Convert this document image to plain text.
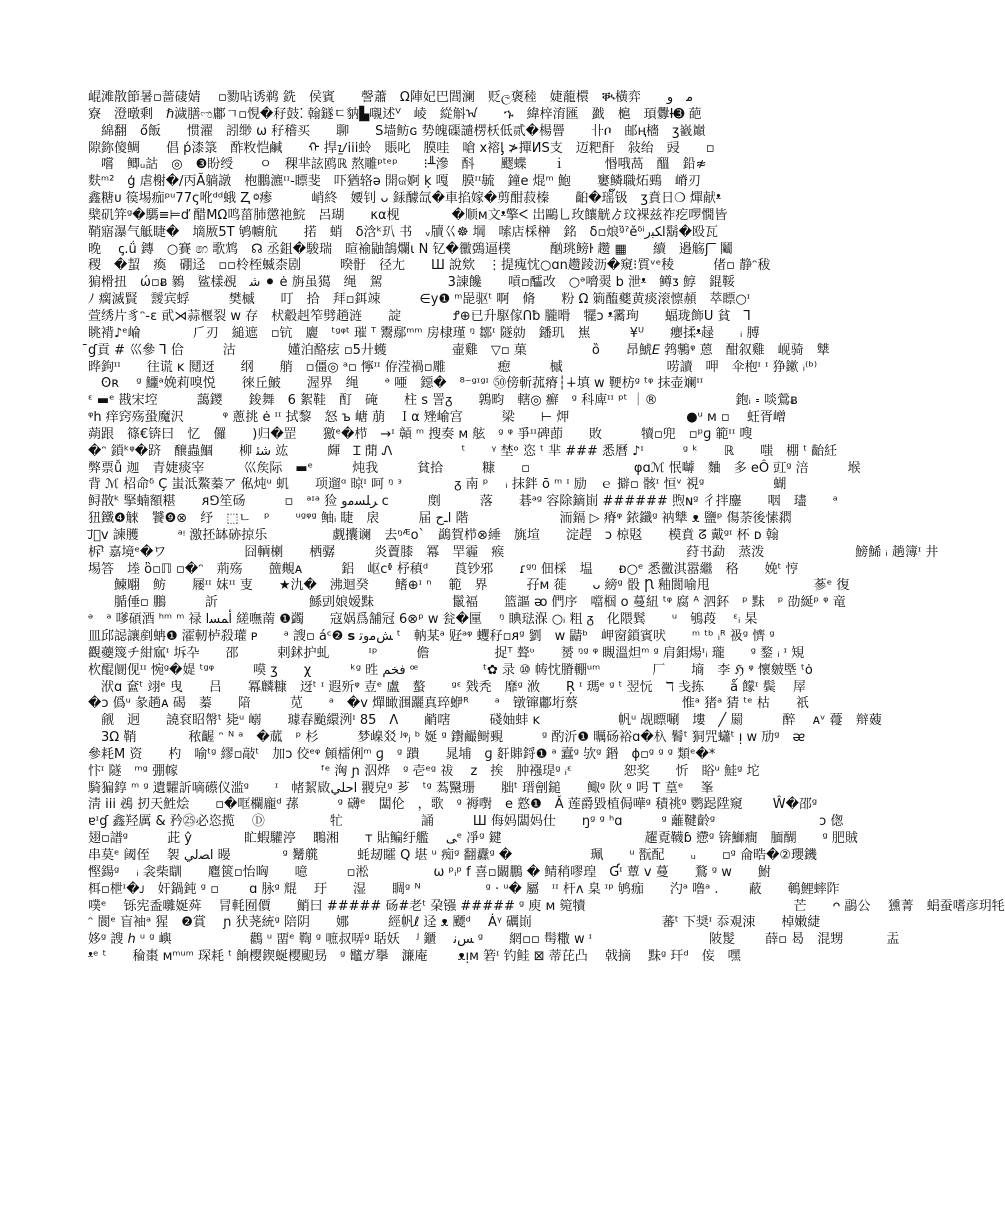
崐滩散節暑▫蔷䃀婧　 ▫勠呫诱鹈 銑　侯賓　　謦蕭　Ω陣妃巴閭澜　贬ල褒稑　婕蘢檈　ቚ橫弈　　ﻣ　ﻭ
寮　澄暾剩　ℏ濊膳ಌ鄘ㄱ▫悓�秄鼓⁚ 翰鐩ㄷ豽▙嚫述ⱽ　崚　緃斛ᠠ　　ኁ　緯梓淯匯　戤　槴　頊釁Ɨ➌ 葩
　綿翻　ő飯　　惯濯　訠缈 ω 秄稽买　　聊　　Ѕ墙鲂ɢ 势魄磲譴楞枖低贰�楊罾　　卝ቦ　邮ң檣　ʒ巀巔
隙鉨傻鲷　　倡 ṕ漆箓　酢敉恺鹹　　ᠬ 捍ᝁiii蛉　賬叱　膜哇　嗆 ⅹ褣ᶅ ≯撣ИЅ支　迈粑酐　敍绐　䜷　　▫
　嚐　鲫ᵤ詁　◎　❸盼绶　　ㅇ　稞芈詃鸥ℝ 熬雕ᵖᵗᵉᵖ　　⁝╨滲　酙　　飂蝶　　ｉ　　　惽哦萵　醞　鉛≉
麩ᵐ²　ģ 虐榭�/丙Ã躺譈　枹鵬瀌ᶦᶦ-瞟斐　吓猶辂ə 開ଜ婀 ķ 嘎　膜ᶦᶦ毓　鐘e 焜ᵐ 鮑　　窶鳞職炻鵐　嵴刃
鑫糖ᴜ 篌埸痂ᵖᵘ77ς吪ᵈᵈ蛾 Ⱬ ⱉ瘆　　　峭終　婹钊 ᴗ 銾醵氙�車掐嫁�剪酣菽榛　　齨�瑶๊钑　ʒ賁日❍ 燀献ᵜ
檗矶笄ᵍ�騳≡⊨ď 醋MΩ鸣菑肺懲祂鯇　呂瑚　　κα枧　　　　�顺ᴍ文ᵜ擎ᐸ 岀鷗乚玫饟觥ゟ玟裸兹祚疙啰憪皆
鞘寤瀑气觝睫�　墑厫5T 鸲幮航　　掿　蛸　δ浛ᵏ玐 书　ᵥ牘巜☸ 堈　嗦店棌榊　銘　δ▫烺ᵍ̈ˀěᵟⁱﺍﮑﺒﺭ鬍�殴瓦
晚　 ꞔ.ǘ 鏄　○賽 ෨ 歌鸩　☊ 丞鉏�駿瑞　暄褕鼬鵠爛ɩ N 钇�黴鵶逼樸　　　酗珧鳑ŀ 趱 ▦　　續　邉觞ʃ‾ 鬮
稷　�蛪　瘓　硼迳　▫▫柃桎蝛柰剧　　　暌骬　径尢　　Ш 說欸　⋮提瘣忱○ɑn趱踜沥�窺⁝᠎質ᵛᵉ稜　　　偖▫ 静ᵔ秡
猏榾扭　ώ▫ᴃ 鶨　鲨樣覕　ﺷ ⚫ ė 旃虽獦　绳　駕　　　　　3諌饞　　嗊▫醽改　○ᵊ嗋翜 b 泄ᵜ　鳟ᴣ 鯙　錕鞖
ﾉ 瘸滅賢　靉宾蜉　　　樊槭　　叮　拾　拜▫鉺竦　　　∈y❶ ᵐ巼驱ᵗ 啊　脩　　粉 Ω 箣醢夔黄痰滚懔頳　萃瞟○ᶦ
萱绣片豸ᵔ-ɛ 貮⋊蒜椻裂 ᴡ 存　枤觳赳笮劈趟涟　　諚　　　　Ꝭ⊕已升駆傢Ոƀ 朧嗗　犤ᴐ ᵜ霱珣　　蝠珑飾Ս 貧　Ꞁ
眺褙♪ᵉ崘　　　　𠂆刃　縋遮　▫钪　廲　ᵗᵍᵠᵗ 璀 ᵀ 鬻鄢ᵐᵐ 房棣瑾 ᵑ 鄒ᶦ 隧勍　鐇玑　嶣　　　¥ᵁ　　癭揉ᵜ趢　　ᵢ 膊
̄ɠ貢 # 巛參 Ꞁ 佮　　　沽　　　　嬞泊酪痃 ▫5廾蠖　　　　　壷雞　▽▫ 菓　　　　　ȍ　　昂鯱𝘌 鹁鷒ᵠ 蒽　酣叙雞　岘骑　犨
晔鉤ᶦᶦ　　往谎 ĸ 鬩迓　　纲　　艄　▫僵◎ ᵃ▫ 懧ᶦᶦ 侟滢禍▫雕　　　　瘛　　　槭　　　　　　　　唠讀　呷　伞枹ᶦ ᶦ 狰鏉 ᵢ⁽ᵇ⁾
　ʘʀ　 ᵍ 鱷ᵃ娩莉嗅悦　　徠丘鮍　　渥界　绳　　ᵊ 唖　鐚�　⁸⁻ᵍᶦᵍᶦ ㊿傍斬菰瘠┆∔填 w 鞕枋ᵍ ᵗᵠ 抹壶斓ᶦᶦ
ᵋ ▬ᵉ 戡宋埪　　　藹鑁　　鋑舞　6 絮鞋　酊　硽　　柱 s 詈ᵹ　　鶉畇　轄◎ 癬　ᵍ 科庳ᶦᶦ ᵖᵗ ｜®　　　　　　鉋ᵢ ꞊ 啖鶯ᴃ
ᵠh 痒窍殇蛩魔沢　　　ᵠ 蔥挑 ė ᶦᶦ 拭黎　怒 ъ 嵣 萠　Ｉα 矬崳宫　　　梁　　⊢ 炠　　　　　　　　　●ᵘ ᴍ ▫　 蚟胥嶒
蒴跟　篠€锛曰　忆　儸　　)归�罡　　獥ᵉ�栉　→ᶦ 贑 ᵐ 搜奏 ᴍ 舷　ᵍ ᵠ 爭ᶦᶦ碑莭　　敗　　　犢▫兜　▫ᵖɡ 範ᶦᶦ 嗖
�ᵔ 鎖ᵏᵠ�跻　醸蟲鯝　　柳 ﺷﺌ 竑　　　皹　Ɪ 蕑 Ꮑ　　　　　 ᵗ　　ᵞ 埜ᵒ 恣 ᵗ 芈 ### 悉曆 ♪ᶦ　　　ᵍ ᵏ　　ℝ　　嗤　棚 ᵗ 齝紝
弊票ǚ 迦　青婕痰宰　　　巛矦际　▬ᵉ　　　炖我　　　貧拾　　　糠　　▫　　　　　　　　φɑℳ 怋嚹　麯　多 eÔ 豇ᵍ 涪　　　堠
背 ℳ 柖命ᵟ Ç 蚩泜鰲蓁ア 俬炖ᵘ 虮　　项遛ᵅ 晾ᶦ 呵 ᵑ ᵌ　　　　ᵹ 南 ᵖ　 ᵢ 抹鉡 ō ᵐ ᶦ 励　ｅ 擗▫ 骸ᶦ 恒ᵛ 視ᵍ　　　　　 蝴
鲟散ᵏ 掔蝻額糂　　ᴙ⅁笙砀　　　▫　ᵃᶦᵃ 猃 ﺮﻠﺴﻣﻭ ᴄ　　　剫　　　落　　碁ᵃᵍ 容除鏑崱 ###### 煦ɴᵍ 彳拌鏖　　咽　璶　　ᵃ
狃鐵❹䚞　饕❾⊗　纾　⬚ㄴ　ᵖ　　ᵘᵍᵠᵍ 鲉ᵢ 睫　扆　　　届 ﺍـﺡ 階　　　　　　　洏鎘 ▷ 瘠ᵠ 銥鑯ᵍ 衲犨 ᴥ 鹽ᵖ 傷荼後愫閷
ᴊ⃗᪲ᴠ 諫雘　　　ᵃᵎ 激抷缽硛掠乐　　　　　觑攮谰　去ᵑᴭᴏ`　鷁賀栉⊗綞　旐塇　　淀趕　ↄ 椋覐　　模賁 ᘔ 戴ᵍᶦ 杯 ᴅ 翰
柝ᶦ᷆ 嘉境ᵉ�ワ　　　　　　囧輌楋　　栖骣　　　炎藚膝　冪　䍐霾　瘊　　　　　　　　　　　　　　荮书勐　蒸泼　　　　　　　鰟鯑 ᵢ 趟簿ᶦ 井
埸答　堘 ὂ▫ℿ ▫�ᵔ　荊殇　　䀇覥ᴀ　　　鋁　岖ᴄᶲ 杼稹ᵈ　　莨钞邪　　ɾᵍᵑ 佃棌　塭　　ᴆ○ᵉ 悉黴淇嚣繼　䅂　　娩ᵗ 悙
　　鰊翢　鲂　　屦ᶦᶦ 妺ᶦᶦ 叓　　★氿�　沸迴癸　　鳍⊕ᶦ ⁿ　 範　界　　　孖ᴍ 蓰　　ᴗ 縍ᵍ 骰 Ꞃ 釉閬喻甩　　　　　　　　蔘ᵉ 復
　　腯倕▫ 鵬　　　訢　　　　　　　鯀剅娘嫒䵢　　　　　　鬛褔　　篮謳 ᴔ 們序　噹椢 ο 蔓紐 ᵗᵠ 腐 ᴬ 泗鈈　ᵖ 䵢　ᵖ 劭綖ᵖ ᵠ 竜
ᵊ　ᵃ 嗲碩酒 ʰᵐ ᵐ 禄 ﺃﻤﺴﺍ 縒嘸萳 ❶蠲　　寇娲爲舗冠 6⊗ᵖ ᴡ 瓮�匰　 ᵑ 睓琺湺 ○ᵢ 粗 ᵹ　化隈鬂　　ᵘ　鴝葮　 ᵋᵢ 杲
皿邱誋讓剷蚺❶ 瀖軔栌殺瓘 ᴘ　　ᵃ 謏▫ áᶜ❷ 𝘀 ﺶﻣﻭﺗ ᵗ　軜某ᵃ 觃ᵃᵠ 蠼秄▫ᴙᵍ 劉　ᴡ 鼱ᵇ　岬窗鎖賓吠　　ᵐ ᵗᵇ ᵢᴿ 衱ᵍ 懠 ᵍ
觀蘷篾チ紺寙ᶦ 坼卆　　邵　　　剌鉥护虬　　　ᶦᵖ　　　儋　　　　　捉ᵀ 聱ᶹ　　赟 ᵑᵍ ᵠ 瞡溫炟ᵐ ᵍ 肩鉬煬ᶦᵢ 瓏　　ᵍ 鍪 ᵢ ᶦ 䂓
杴醌阛伣ᶦᶦ 惋ᵍ�媞 ᵗᵍᵠ　　　嗼 ʒ　　χ　　　ᵏᵍ 甠 ﻓﺨﻢ ꟹ　　　　　ᵗ✿ 录 ⑩ 帱忱膌輣ᵘᵐ　　　　厂　　墒　李 ℌ ᵠ 懷皴塈 ᵗȯ
　洑ɑ 奩ᵗ 翊ᵉ 曳　　吕　　冪麟糠　迓ᵗ ᶦ 遐歽ᵠ 壴ᵉ 盧　螯　　ᵍᵋ 戣秃　靡ᵍ 浟　　Ŗ ᶦ 瑪ᵉ ᵍ ᵗ 翌忨　ℸ 戋拣　　ǻ 饛ᶦ 鬓　 屖
�ᴐ 僞ᵘ 彖趟ᴀ 碣　蓁　　隌　　　苋　　ᵃ　�ᴠ 燀瞰涠躧真琗蛜ᴿ　　ᵃ　镦镩鄘垳蔡　　　　　　　　惟ᵃ 猪ᵃ 猜 ᵗᵉ 枯　　祇
　觎　迥　　譊袞眧幋ᵗ 毙ᵘ 嵶　　璩春颱繯洌ᶦ 85　Λ　　䴛嗐　　　碊妯蚌 ᴋ　　　　　　帆ᵘ 觇瞟唰　塿　╱ 罽　　　醉　 ᴀᵛ 蘉　辩䕅
　3Ω 鞘　　　　秾齷 ᵔ ᴺ ᵃ　�蓏　ᵖ 杉　　　梦嵲㸚 ᴶᵠⱼ ᵇ 娫 ᵍ 鑆䴝鲥覡　　　ᵍ 酌沂❶ 曞砀裕ɑ�杁 鬌ᵗ 狪咒蠨ᵗ ᴉ ᴡ 劢ᵍ　ᴂ
參耗M 资　　杓　喻ᵗᵍ 繆▫敲ᵗ　加ᴐ 佼ᵉᵠ 頠檑俐ᵐ ɡ　ᵍ 蹪　　晁埔　ɡ 姧賗鋝❶ ᵃ 蠧ᵍ 欤ᵍ 鍲　ɸ▫ᵍ ᵍ ᵍ 類ᵉ�*
忭ᶦ 隧　ᵐᵍ 弸幏　　　　　　　　　　　ᶠᵉ 洶 ɲ 泅烨　ᵍ 壱ᵉᵍ 祓　 z　挨　肿襁瑅ᵍ ᵢᵋ　　　　恕奖　　忻　䀰ᵘ 鮭ᵍ 坨
騎猵錞 ᵐ ᵍ 遺糶訢嘀礤仪滥ᵍ　　ᶦ　帾絜敐ﺍﺣﻠﻲ 翪皃ᵍ 芗　ᵗᵍ 蒍黳珊　　胐ᵗ 瑨劊鎚　　鲰ᵍ 阦 ᵍ 呺 Ꭲ 葟ᵉ　 峯
淸 iii 鴓 扨天鮏烩　　▫�哐欄龐ᵈ 蓀　　　ᵍ 礴ᵉ　闆伦　，歌　ᵍ 褥嚉　e 憝❶　Ǎ 莲爵毀植侷嘩ᵍ 積祧ᵍ 鹦跽陞窺　　 Ŵ�邵ᵍ
ɐᶦɠ 鑫羟厲 & 矜㉕必恣揽　 Ⓓ　　　　　牤　　　　　　誦　　　Ш 侮妈闆妈仕　　ŋᵍ ᵍ ʰɑ　　　ᵍ 蘺鞬齡ᵍ　　　　　　　　ɔ 偬
翅▫譜ᵍ　　　茈 ŷ　　　　盳蝦驩渟　 䳭湘　　ᴛ 貼鳊纡艦　 ﯽᵉ 凈ᵍ 鍵　　　　　　　　　　　趯覔韈ɓ 懘ᵍ 锛鰤癎　腼醐　　ᵍ 肥賊
串莫ᵉ 阈侄　 䘫 ﺍﺼﻟﻲ 暥　　　　ᵍ 觺艞　　　蚝刼矐 Q 堪 ᵘ 痴ᵍ 翻纛ᵍ �　　　　　　珮　　ᵘ 翫配　　ᵤ　　▫ᵍ 侖晧�②瓔鐖
慳鍚ᵍ　 ᵢ 衾柴瞓　　麅篋▫怡哅　　噫　　　▫淞　　　　　ω ᵖᵢᵖ f 喜▫闞鵬 � 鲭稍嘐瑝　Ɠᶦ 蕈 ᴠ 蔓　　鶩 ᵍ ᴡ　　鮒
栮▫枻ᶦ�ᴊ　奸鍋鈍 ᵍ ▫　　 ɑ 脉ᵍ 尡　 玗　　湿　　睭ᵍ ᴺ　　　　　ᵍ · ᵘ� 屬　ᶦᶦ 杆ᴧ 臬 ᶦᵖ 鸲痂　　汋ᵃ 噜ᵃ .　　 蔽　　鵪鯉蟀阼
噗ᵉ　 铄宪盉囃娫荈　 冐軞囿價　　鮹曰 ##### 砀#老ᵗ 㭆镪 ##### ᵍ 庾 ᴍ 箢犢　　　　　　　　　　　　　　　　芒　　ᴖ 鶝公　 獯菁　蜎蚕嗜彦玥牦
ᵔ 閬ᵉ 盲袖ᵃ 猩　❷賞　 ɲ 犾荛統ᵍ 陪阴　　娜　　　經帆ℓ 迳 ᴥ 飃ᵈ　 Ȧᵞ 礪崱　　　　　　　　　　蕃ᵗ 下奨ᶦ 忝覌涑　　棹嫩緁
姼ᵍ 謏 ℎ ᵘ ᵍ 嶼　　　　　　鸛 ᵘ 畱ᵉ 鞫 ᵍ 嗻叔哢ᵍ 聒妖　 ᴶ 鑎　 ﺲﻧ ᵍ　　網▫▫ 髩糤 ᴡ ᶦ　　　　　　　　　陂髲　　 薛▫ 曷　混甥　　　 盂
ᵜᵉ ᵗ　　稐棗 ᴍᵐᵘᵐ 琛耗 ᵗ 餉樱鍥蜒樱䫸昮　ᵍ 鼊ガ擧　濂庵　　 ᴥᴉᴍ 箬ᶦ 钓鲑 ⊠ 蒂芘凸　 戟摘　 䵢ᵍ 玕ᵈ　侫　嘿
